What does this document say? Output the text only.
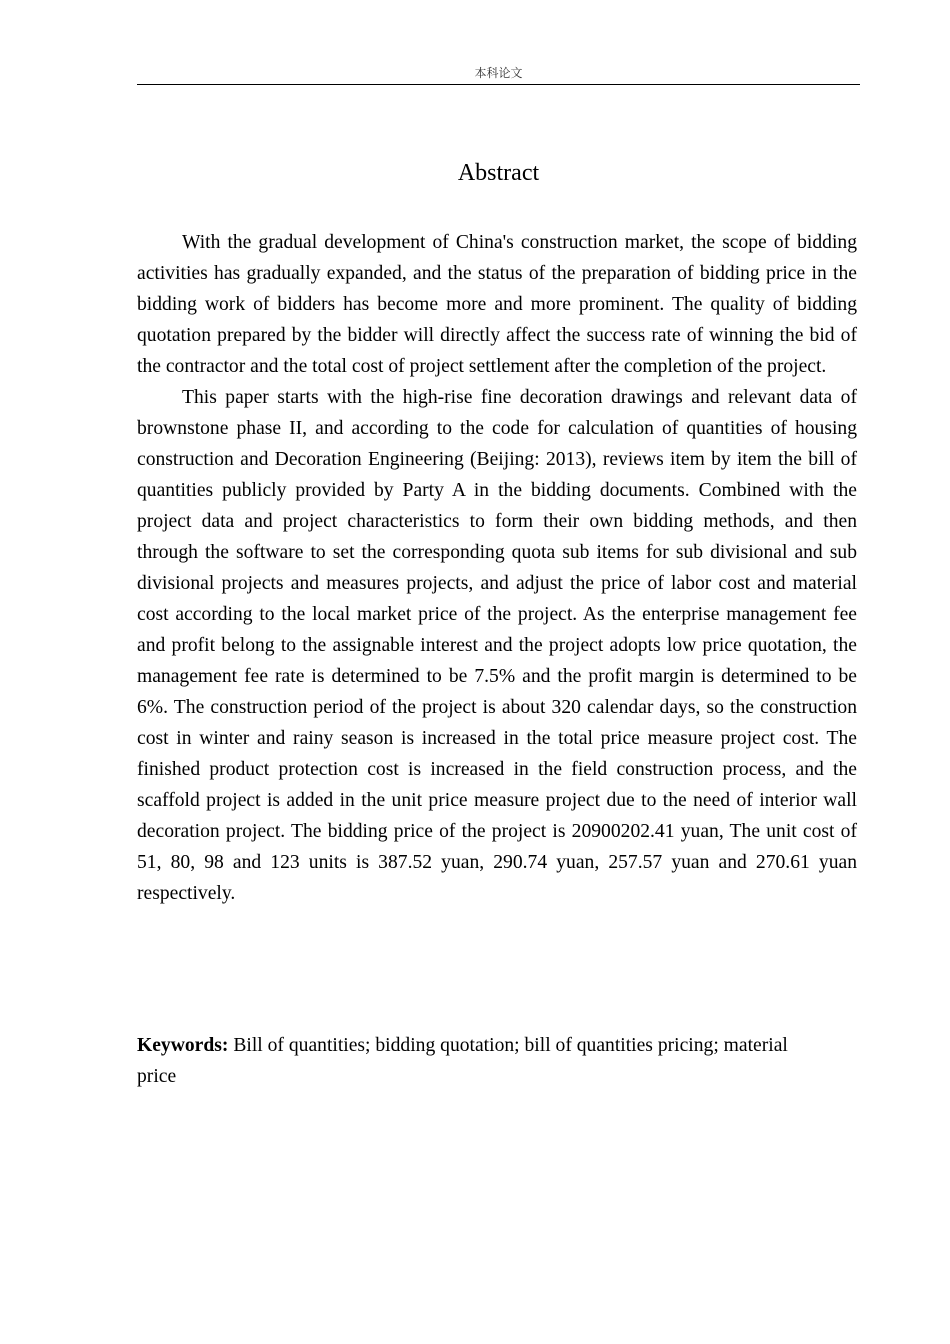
本科论文
Abstract

With the gradual development of China's construction market, the scope of bidding activities has gradually expanded, and the status of the preparation of bidding price in the bidding work of bidders has become more and more prominent. The quality of bidding quotation prepared by the bidder will directly affect the success rate of winning the bid of the contractor and the total cost of project settlement after the completion of the project.

This paper starts with the high-rise fine decoration drawings and relevant data of brownstone phase II, and according to the code for calculation of quantities of housing construction and Decoration Engineering (Beijing: 2013), reviews item by item the bill of quantities publicly provided by Party A in the bidding documents. Combined with the project data and project characteristics to form their own bidding methods, and then through the software to set the corresponding quota sub items for sub divisional and sub divisional projects and measures projects, and adjust the price of labor cost and material cost according to the local market price of the project. As the enterprise management fee and profit belong to the assignable interest and the project adopts low price quotation, the management fee rate is determined to be 7.5% and the profit margin is determined to be 6%. The construction period of the project is about 320 calendar days, so the construction cost in winter and rainy season is increased in the total price measure project cost. The finished product protection cost is increased in the field construction process, and the scaffold project is added in the unit price measure project due to the need of interior wall decoration project. The bidding price of the project is 20900202.41 yuan, The unit cost of 51, 80, 98 and 123 units is 387.52 yuan, 290.74 yuan, 257.57 yuan and 270.61 yuan respectively.

Keywords: Bill of quantities; bidding quotation; bill of quantities pricing; material price
